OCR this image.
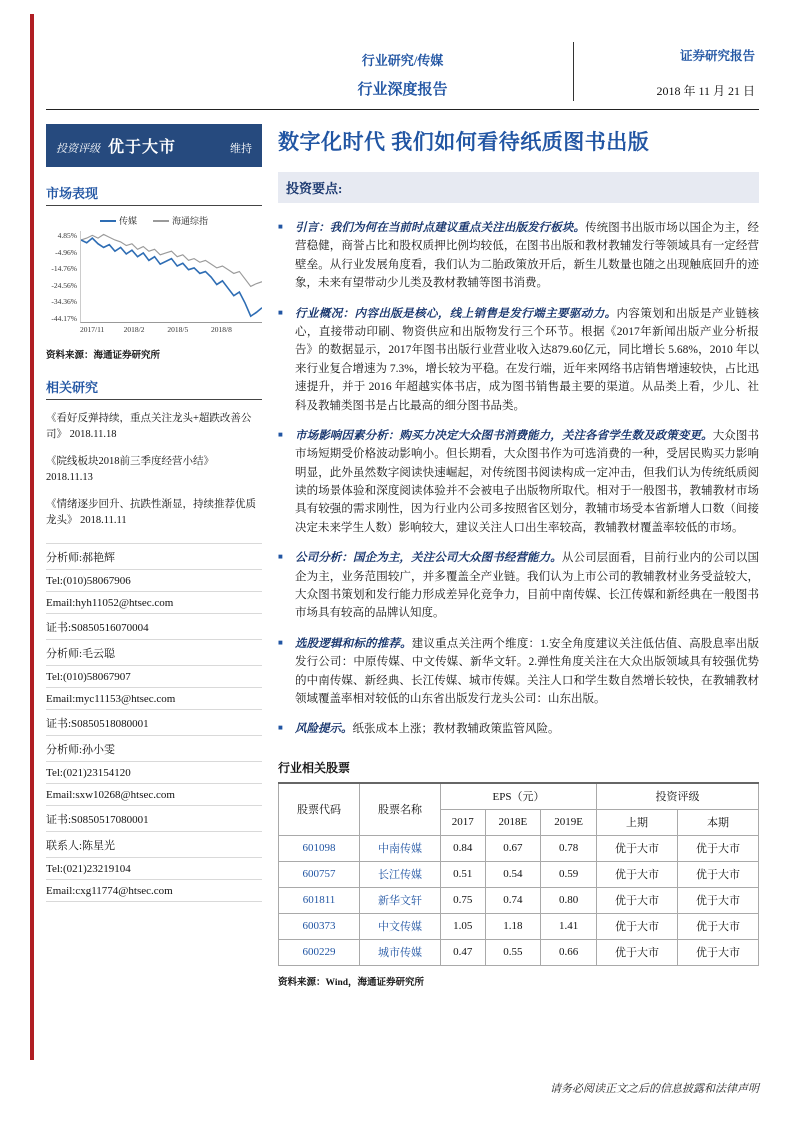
行业研究/传媒
行业深度报告
证券研究报告
2018 年 11 月 21 日
投资评级 优于大市	维持
市场表现
传媒	海通综指
4.85%
-4.96%
-14.76%
-24.56%
-34.36%
-44.17%
2017/11	2018/2	2018/5	2018/8
资料来源：海通证券研究所
相关研究

《看好反弹持续，重点关注龙头+超跌改善公司》 2018.11.18

《院线板块2018前三季度经营小结》 2018.11.13

《情绪逐步回升、抗跌性渐显，持续推荐优质龙头》 2018.11.11

分析师:郝艳辉
Tel:(010)58067906
Email:hyh11052@htsec.com
证书:S0850516070004
分析师:毛云聪
Tel:(010)58067907
Email:myc11153@htsec.com
证书:S0850518080001
分析师:孙小雯
Tel:(021)23154120
Email:sxw10268@htsec.com
证书:S0850517080001
联系人:陈星光
Tel:(021)23219104
Email:cxg11774@htsec.com
数字化时代 我们如何看待纸质图书出版
投资要点:
■ 引言：我们为何在当前时点建议重点关注出版发行板块。传统图书出版市场以国企为主，经营稳健，商誉占比和股权质押比例均较低，在图书出版和教材教辅发行等领域具有一定经营壁垒。从行业发展角度看，我们认为二胎政策放开后，新生儿数量也随之出现触底回升的迹象，未来有望带动少儿类及教材教辅等图书消费。

■ 行业概况：内容出版是核心，线上销售是发行端主要驱动力。内容策划和出版是产业链核心，直接带动印刷、物资供应和出版物发行三个环节。根据《2017年新闻出版产业分析报告》的数据显示，2017年图书出版行业营业收入达879.60亿元，同比增长 5.68%，2010 年以来行业复合增速为 7.3%，增长较为平稳。在发行端，近年来网络书店销售增速较快，占比迅速提升，并于 2016 年超越实体书店，成为图书销售最主要的渠道。从品类上看，少儿、社科及教辅类图书是占比最高的细分图书品类。

■ 市场影响因素分析：购买力决定大众图书消费能力，关注各省学生数及政策变更。大众图书市场短期受价格波动影响小。但长期看，大众图书作为可选消费的一种，受居民购买力影响明显，此外虽然数字阅读快速崛起，对传统图书阅读构成一定冲击，但我们认为传统纸质阅读的场景体验和深度阅读体验并不会被电子出版物所取代。相对于一般图书，教辅教材市场具有较强的需求刚性，因为行业内公司多按照省区划分，教辅市场受本省新增人口数（间接决定未来学生人数）影响较大，建议关注人口出生率较高，教辅教材覆盖率较低的市场。

■ 公司分析：国企为主，关注公司大众图书经营能力。从公司层面看，目前行业内的公司以国企为主，业务范围较广，并多覆盖全产业链。我们认为上市公司的教辅教材业务受益较大，大众图书策划和发行能力形成差异化竞争力，目前中南传媒、长江传媒和新经典在一般图书市场具有较高的品牌认知度。

■ 选股逻辑和标的推荐。建议重点关注两个维度：1.安全角度建议关注低估值、高股息率出版发行公司：中原传媒、中文传媒、新华文轩。2.弹性角度关注在大众出版领域具有较强优势的中南传媒、新经典、长江传媒、城市传媒。关注人口和学生数自然增长较快，在教辅教材领域覆盖率相对较低的山东省出版发行龙头公司：山东出版。

■ 风险提示。纸张成本上涨；教材教辅政策监管风险。

行业相关股票
股票代码	股票名称	EPS（元）			投资评级	
		2017	2018E	2019E	上期	本期
601098	中南传媒	0.84	0.67	0.78	优于大市	优于大市
600757	长江传媒	0.51	0.54	0.59	优于大市	优于大市
601811	新华文轩	0.75	0.74	0.80	优于大市	优于大市
600373	中文传媒	1.05	1.18	1.41	优于大市	优于大市
600229	城市传媒	0.47	0.55	0.66	优于大市	优于大市
资料来源：Wind，海通证券研究所
请务必阅读正文之后的信息披露和法律声明
